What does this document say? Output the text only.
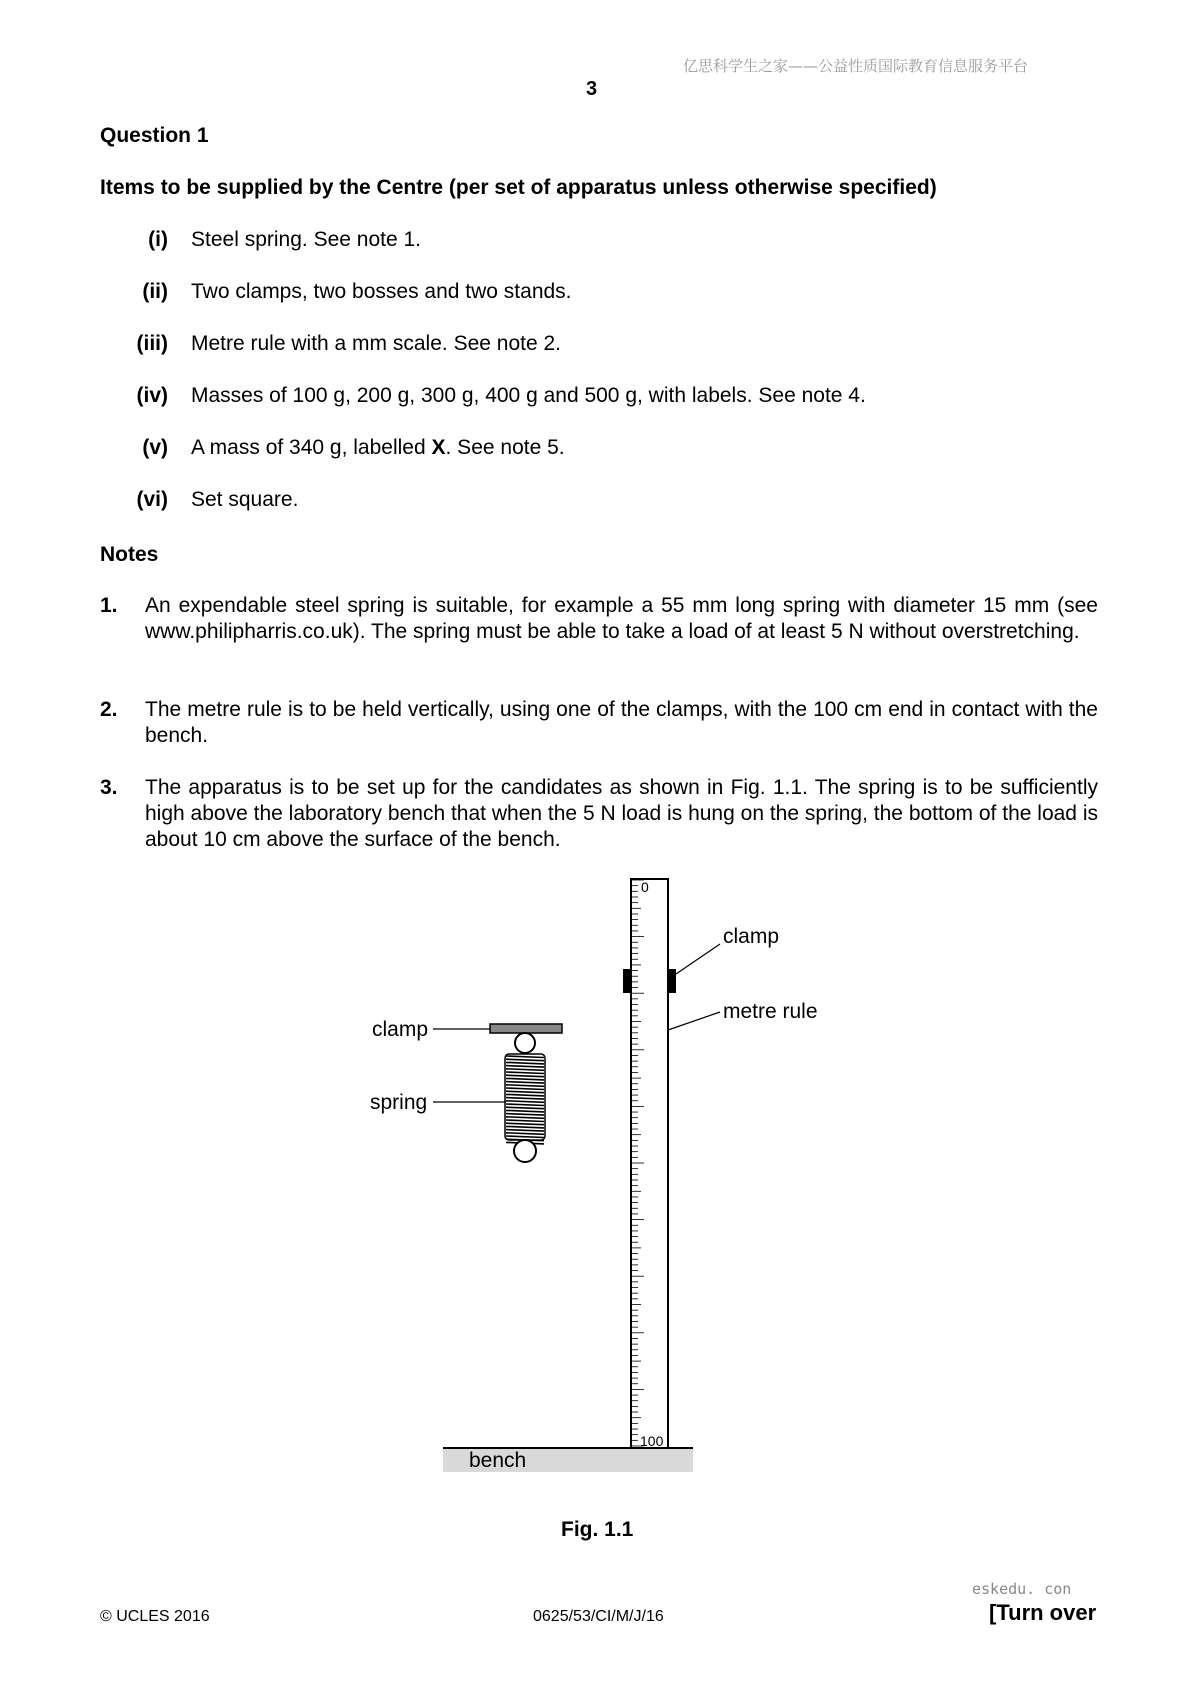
亿思科学生之家——公益性质国际教育信息服务平台
3
Question 1
Items to be supplied by the Centre (per set of apparatus unless otherwise specified)
(i) Steel spring. See note 1.
(ii) Two clamps, two bosses and two stands.
(iii) Metre rule with a mm scale. See note 2.
(iv) Masses of 100 g, 200 g, 300 g, 400 g and 500 g, with labels. See note 4.
(v) A mass of 340 g, labelled X. See note 5.
(vi) Set square.
Notes
1. An expendable steel spring is suitable, for example a 55 mm long spring with diameter 15 mm (see www.philipharris.co.uk). The spring must be able to take a load of at least 5 N without overstretching.
2. The metre rule is to be held vertically, using one of the clamps, with the 100 cm end in contact with the bench.
3. The apparatus is to be set up for the candidates as shown in Fig. 1.1. The spring is to be sufficiently high above the laboratory bench that when the 5 N load is hung on the spring, the bottom of the load is about 10 cm above the surface of the bench.
bench
0
100
clamp
metre rule
clamp
spring
Fig. 1.1
eskedu. con
© UCLES 2016	0625/53/CI/M/J/16	[Turn over
